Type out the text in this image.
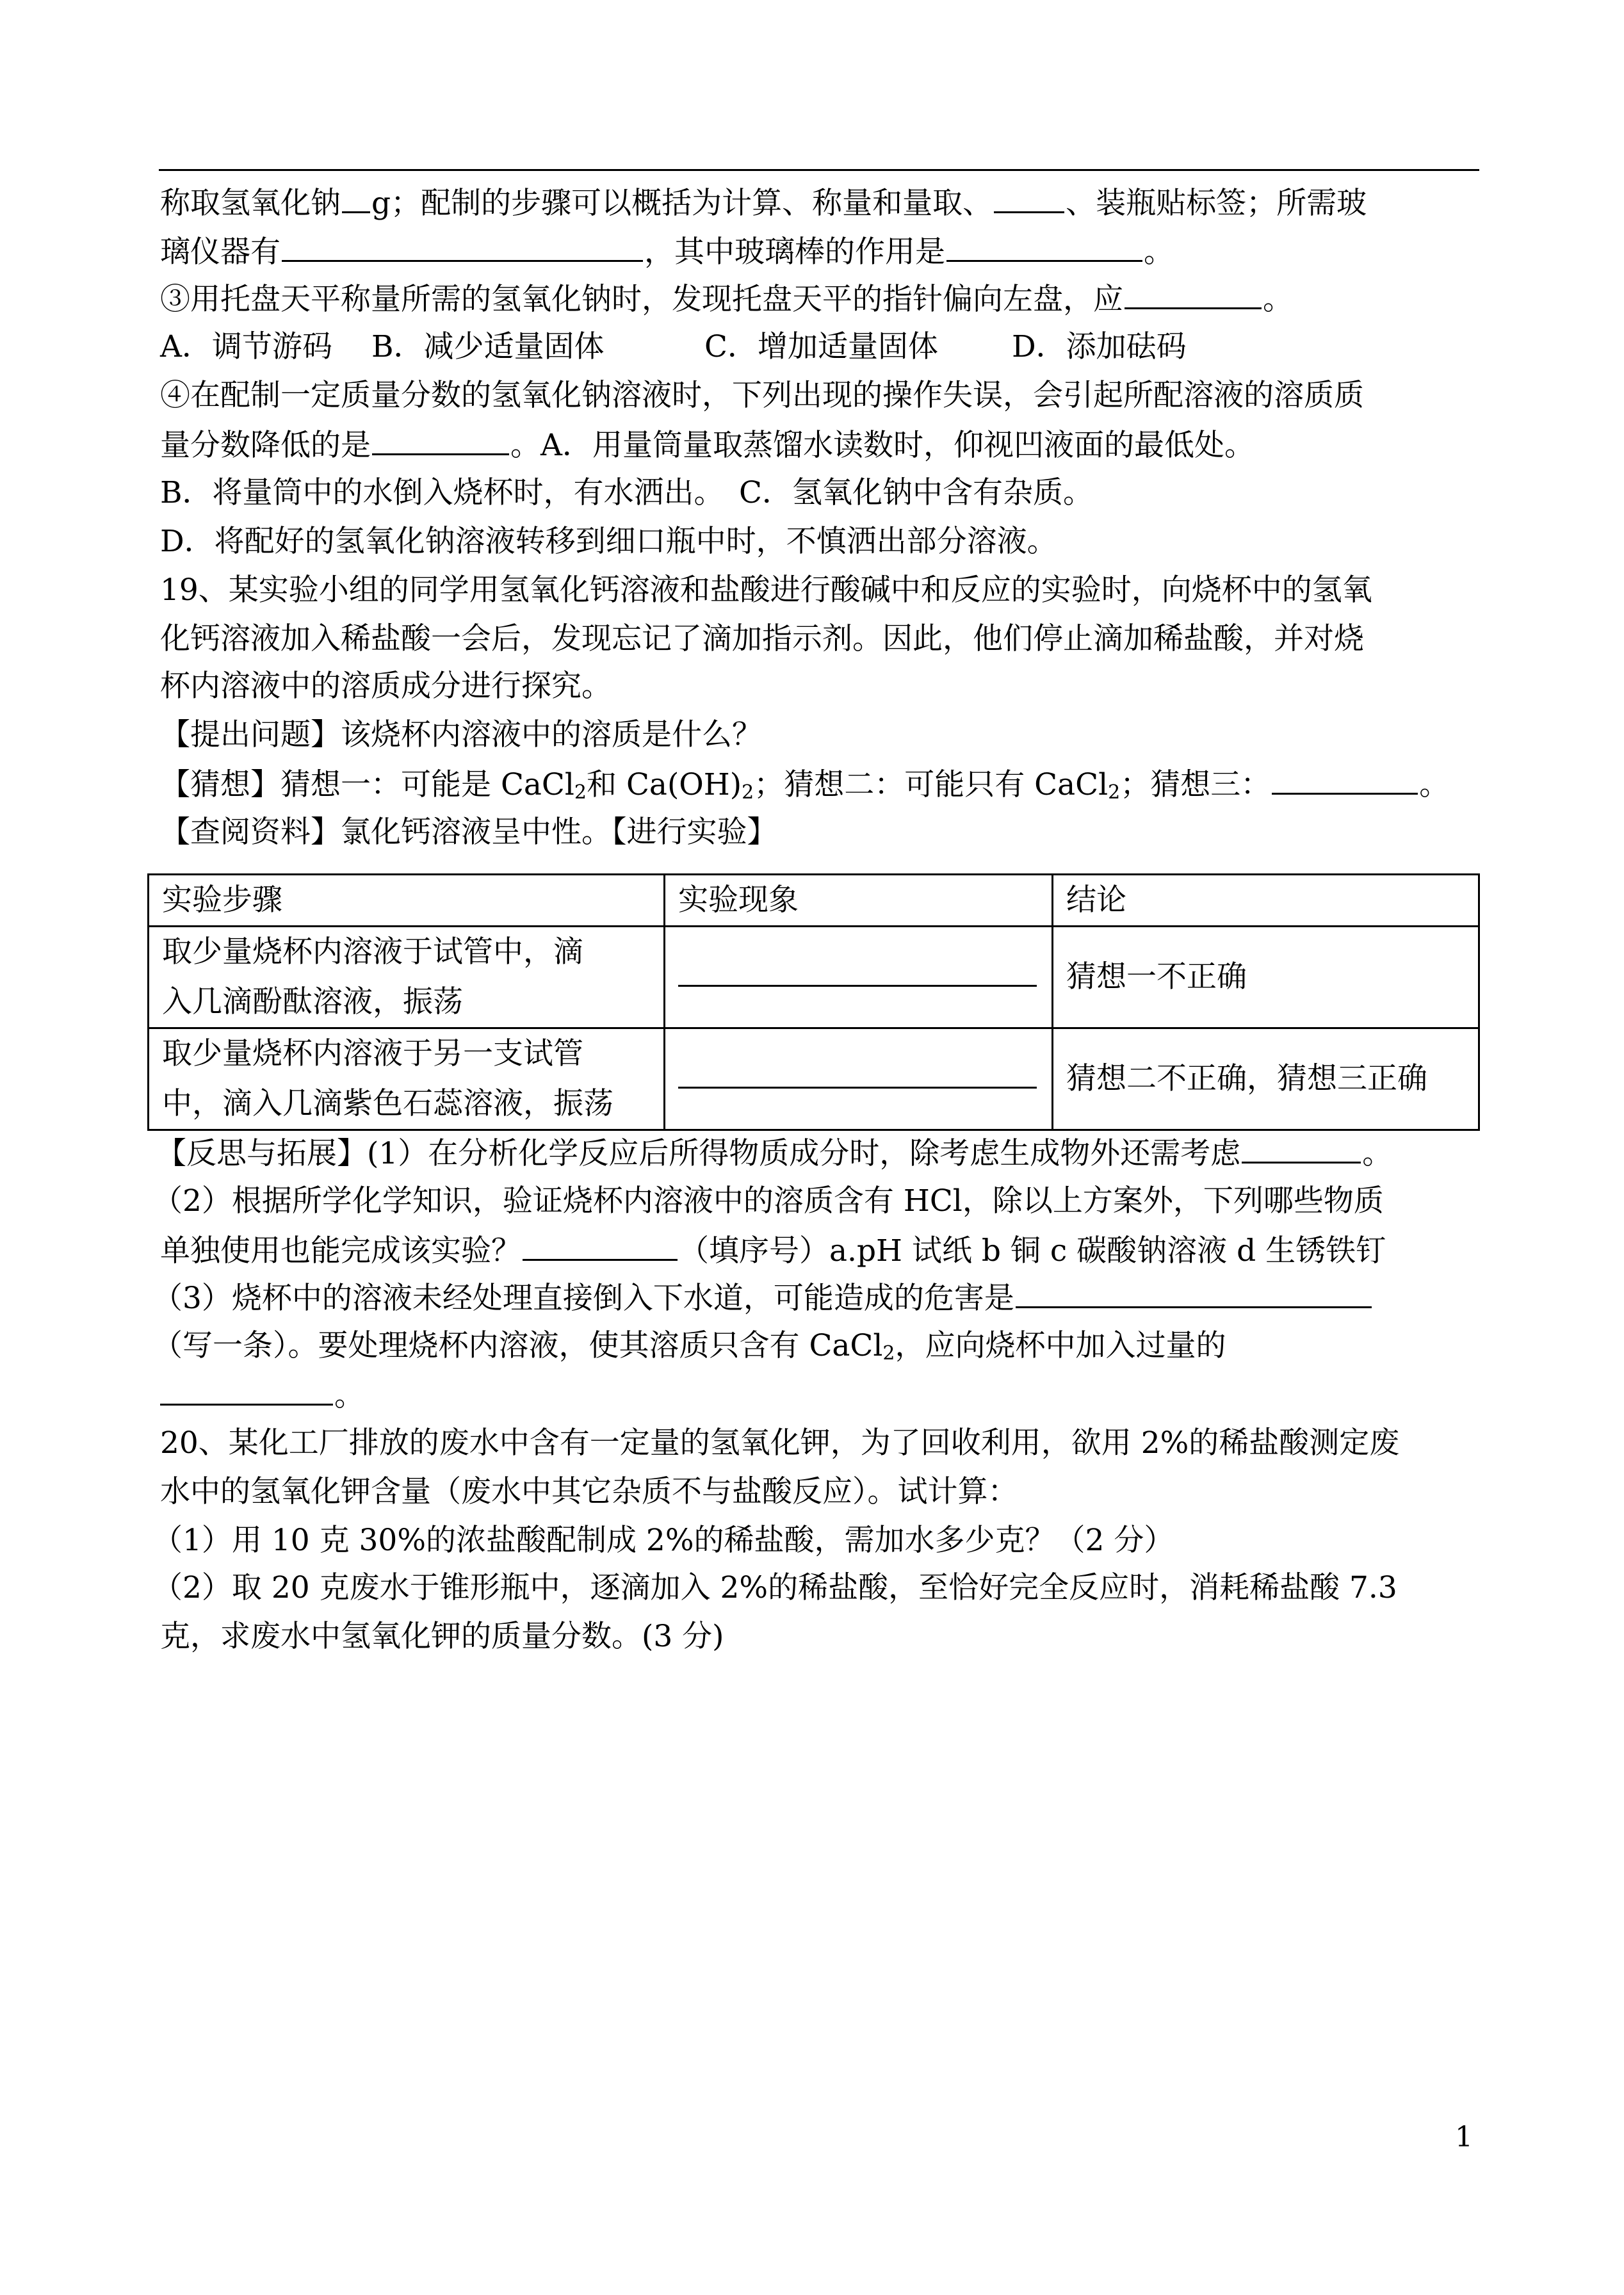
称取氢氧化钠 g；配制的步骤可以概括为计算、称量和量取、 、装瓶贴标签；所需玻
璃仪器有	，其中玻璃棒的作用是	。
③用托盘天平称量所需的氢氧化钠时，发现托盘天平的指针偏向左盘，应	。
A．调节游码 B．减少适量固体	C．增加适量固体 D．添加砝码
④在配制一定质量分数的氢氧化钠溶液时，下列出现的操作失误，会引起所配溶液的溶质质
量分数降低的是	。A．用量筒量取蒸馏水读数时，仰视凹液面的最低处。
B．将量筒中的水倒入烧杯时，有水洒出。　C．氢氧化钠中含有杂质。
D．将配好的氢氧化钠溶液转移到细口瓶中时，不慎洒出部分溶液。
19、某实验小组的同学用氢氧化钙溶液和盐酸进行酸碱中和反应的实验时，向烧杯中的氢氧
化钙溶液加入稀盐酸一会后，发现忘记了滴加指示剂。因此，他们停止滴加稀盐酸，并对烧
杯内溶液中的溶质成分进行探究。
【提出问题】该烧杯内溶液中的溶质是什么？
【猜想】猜想一：可能是 CaCl$_2$和 $Ca(OH)_2$；猜想二：可能只有 CaCl$_2$；猜想三：	。
【查阅资料】氯化钙溶液呈中性。【进行实验】
实验步骤	实验现象	结论

取少量烧杯内溶液于试管中，滴
入几滴酚酞溶液，振荡		猜想一不正确

取少量烧杯内溶液于另一支试管
中，滴入几滴紫色石蕊溶液，振荡		猜想二不正确，猜想三正确
【反思与拓展】(1）在分析化学反应后所得物质成分时，除考虑生成物外还需考虑	。
（2）根据所学化学知识，验证烧杯内溶液中的溶质含有 HCl，除以上方案外，下列哪些物质
单独使用也能完成该实验？	（填序号）a.pH 试纸 b 铜 c 碳酸钠溶液 d 生锈铁钉
（3）烧杯中的溶液未经处理直接倒入下水道，可能造成的危害是
（写一条）。要处理烧杯内溶液，使其溶质只含有 CaCl$_2$，应向烧杯中加入过量的
。
20、某化工厂排放的废水中含有一定量的氢氧化钾，为了回收利用，欲用 2%的稀盐酸测定废
水中的氢氧化钾含量（废水中其它杂质不与盐酸反应）。试计算：
（1）用 10 克 30%的浓盐酸配制成 2%的稀盐酸，需加水多少克？（2 分）
（2）取 20 克废水于锥形瓶中，逐滴加入 2%的稀盐酸，至恰好完全反应时，消耗稀盐酸 7.3
克，求废水中氢氧化钾的质量分数。(3 分)
1
